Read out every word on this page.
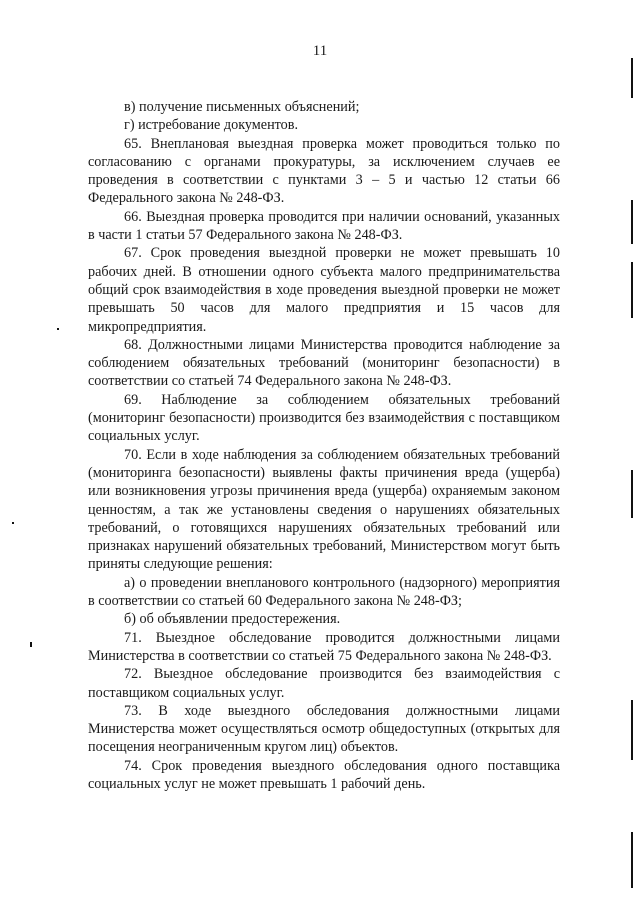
11

в) получение письменных объяснений;

г) истребование документов.

65. Внеплановая выездная проверка может проводиться только по согласованию с органами прокуратуры, за исключением случаев ее проведения в соответствии с пунктами 3 – 5 и частью 12 статьи 66 Федерального закона № 248-ФЗ.

66. Выездная проверка проводится при наличии оснований, указанных в части 1 статьи 57 Федерального закона № 248-ФЗ.

67. Срок проведения выездной проверки не может превышать 10 рабочих дней. В отношении одного субъекта малого предпринимательства общий срок взаимодействия в ходе проведения выездной проверки не может превышать 50 часов для малого предприятия и 15 часов для микропредприятия.

68. Должностными лицами Министерства проводится наблюдение за соблюдением обязательных требований (мониторинг безопасности) в соответствии со статьей 74 Федерального закона № 248-ФЗ.

69. Наблюдение за соблюдением обязательных требований (мониторинг безопасности) производится без взаимодействия с поставщиком социальных услуг.

70. Если в ходе наблюдения за соблюдением обязательных требований (мониторинга безопасности) выявлены факты причинения вреда (ущерба) или возникновения угрозы причинения вреда (ущерба) охраняемым законом ценностям, а так же установлены сведения о нарушениях обязательных требований, о готовящихся нарушениях обязательных требований или признаках нарушений обязательных требований, Министерством могут быть приняты следующие решения:

а) о проведении внепланового контрольного (надзорного) мероприятия в соответствии со статьей 60 Федерального закона № 248-ФЗ;

б) об объявлении предостережения.

71. Выездное обследование проводится должностными лицами Министерства в соответствии со статьей 75 Федерального закона № 248-ФЗ.

72. Выездное обследование производится без взаимодействия с поставщиком социальных услуг.

73. В ходе выездного обследования должностными лицами Министерства может осуществляться осмотр общедоступных (открытых для посещения неограниченным кругом лиц) объектов.

74. Срок проведения выездного обследования одного поставщика социальных услуг не может превышать 1 рабочий день.
